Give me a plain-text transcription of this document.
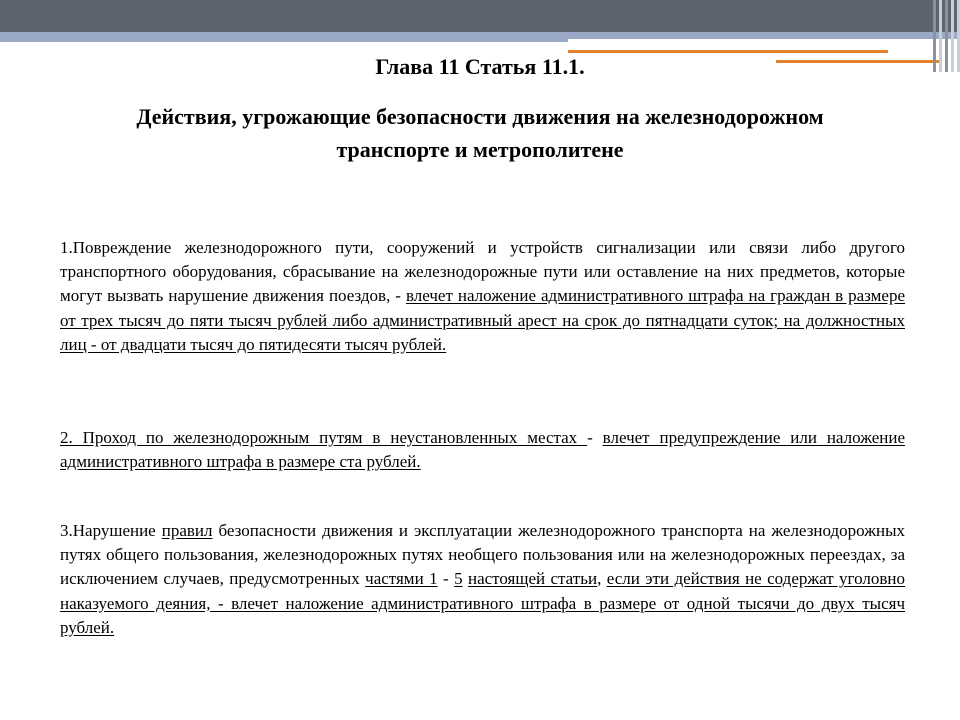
Глава 11 Статья 11.1.
Действия, угрожающие безопасности движения на железнодорожном транспорте и метрополитене
1.Повреждение железнодорожного пути, сооружений и устройств сигнализации или связи либо другого транспортного оборудования, сбрасывание на железнодорожные пути или оставление на них предметов, которые могут вызвать нарушение движения поездов, - влечет наложение административного штрафа на граждан в размере от трех тысяч до пяти тысяч рублей либо административный арест на срок до пятнадцати суток; на должностных лиц - от двадцати тысяч до пятидесяти тысяч рублей.
2. Проход по железнодорожным путям в неустановленных местах - влечет предупреждение или наложение административного штрафа в размере ста рублей.
3.Нарушение правил безопасности движения и эксплуатации железнодорожного транспорта на железнодорожных путях общего пользования, железнодорожных путях необщего пользования или на железнодорожных переездах, за исключением случаев, предусмотренных частями 1 - 5 настоящей статьи, если эти действия не содержат уголовно наказуемого деяния, - влечет наложение административного штрафа в размере от одной тысячи до двух тысяч рублей.
